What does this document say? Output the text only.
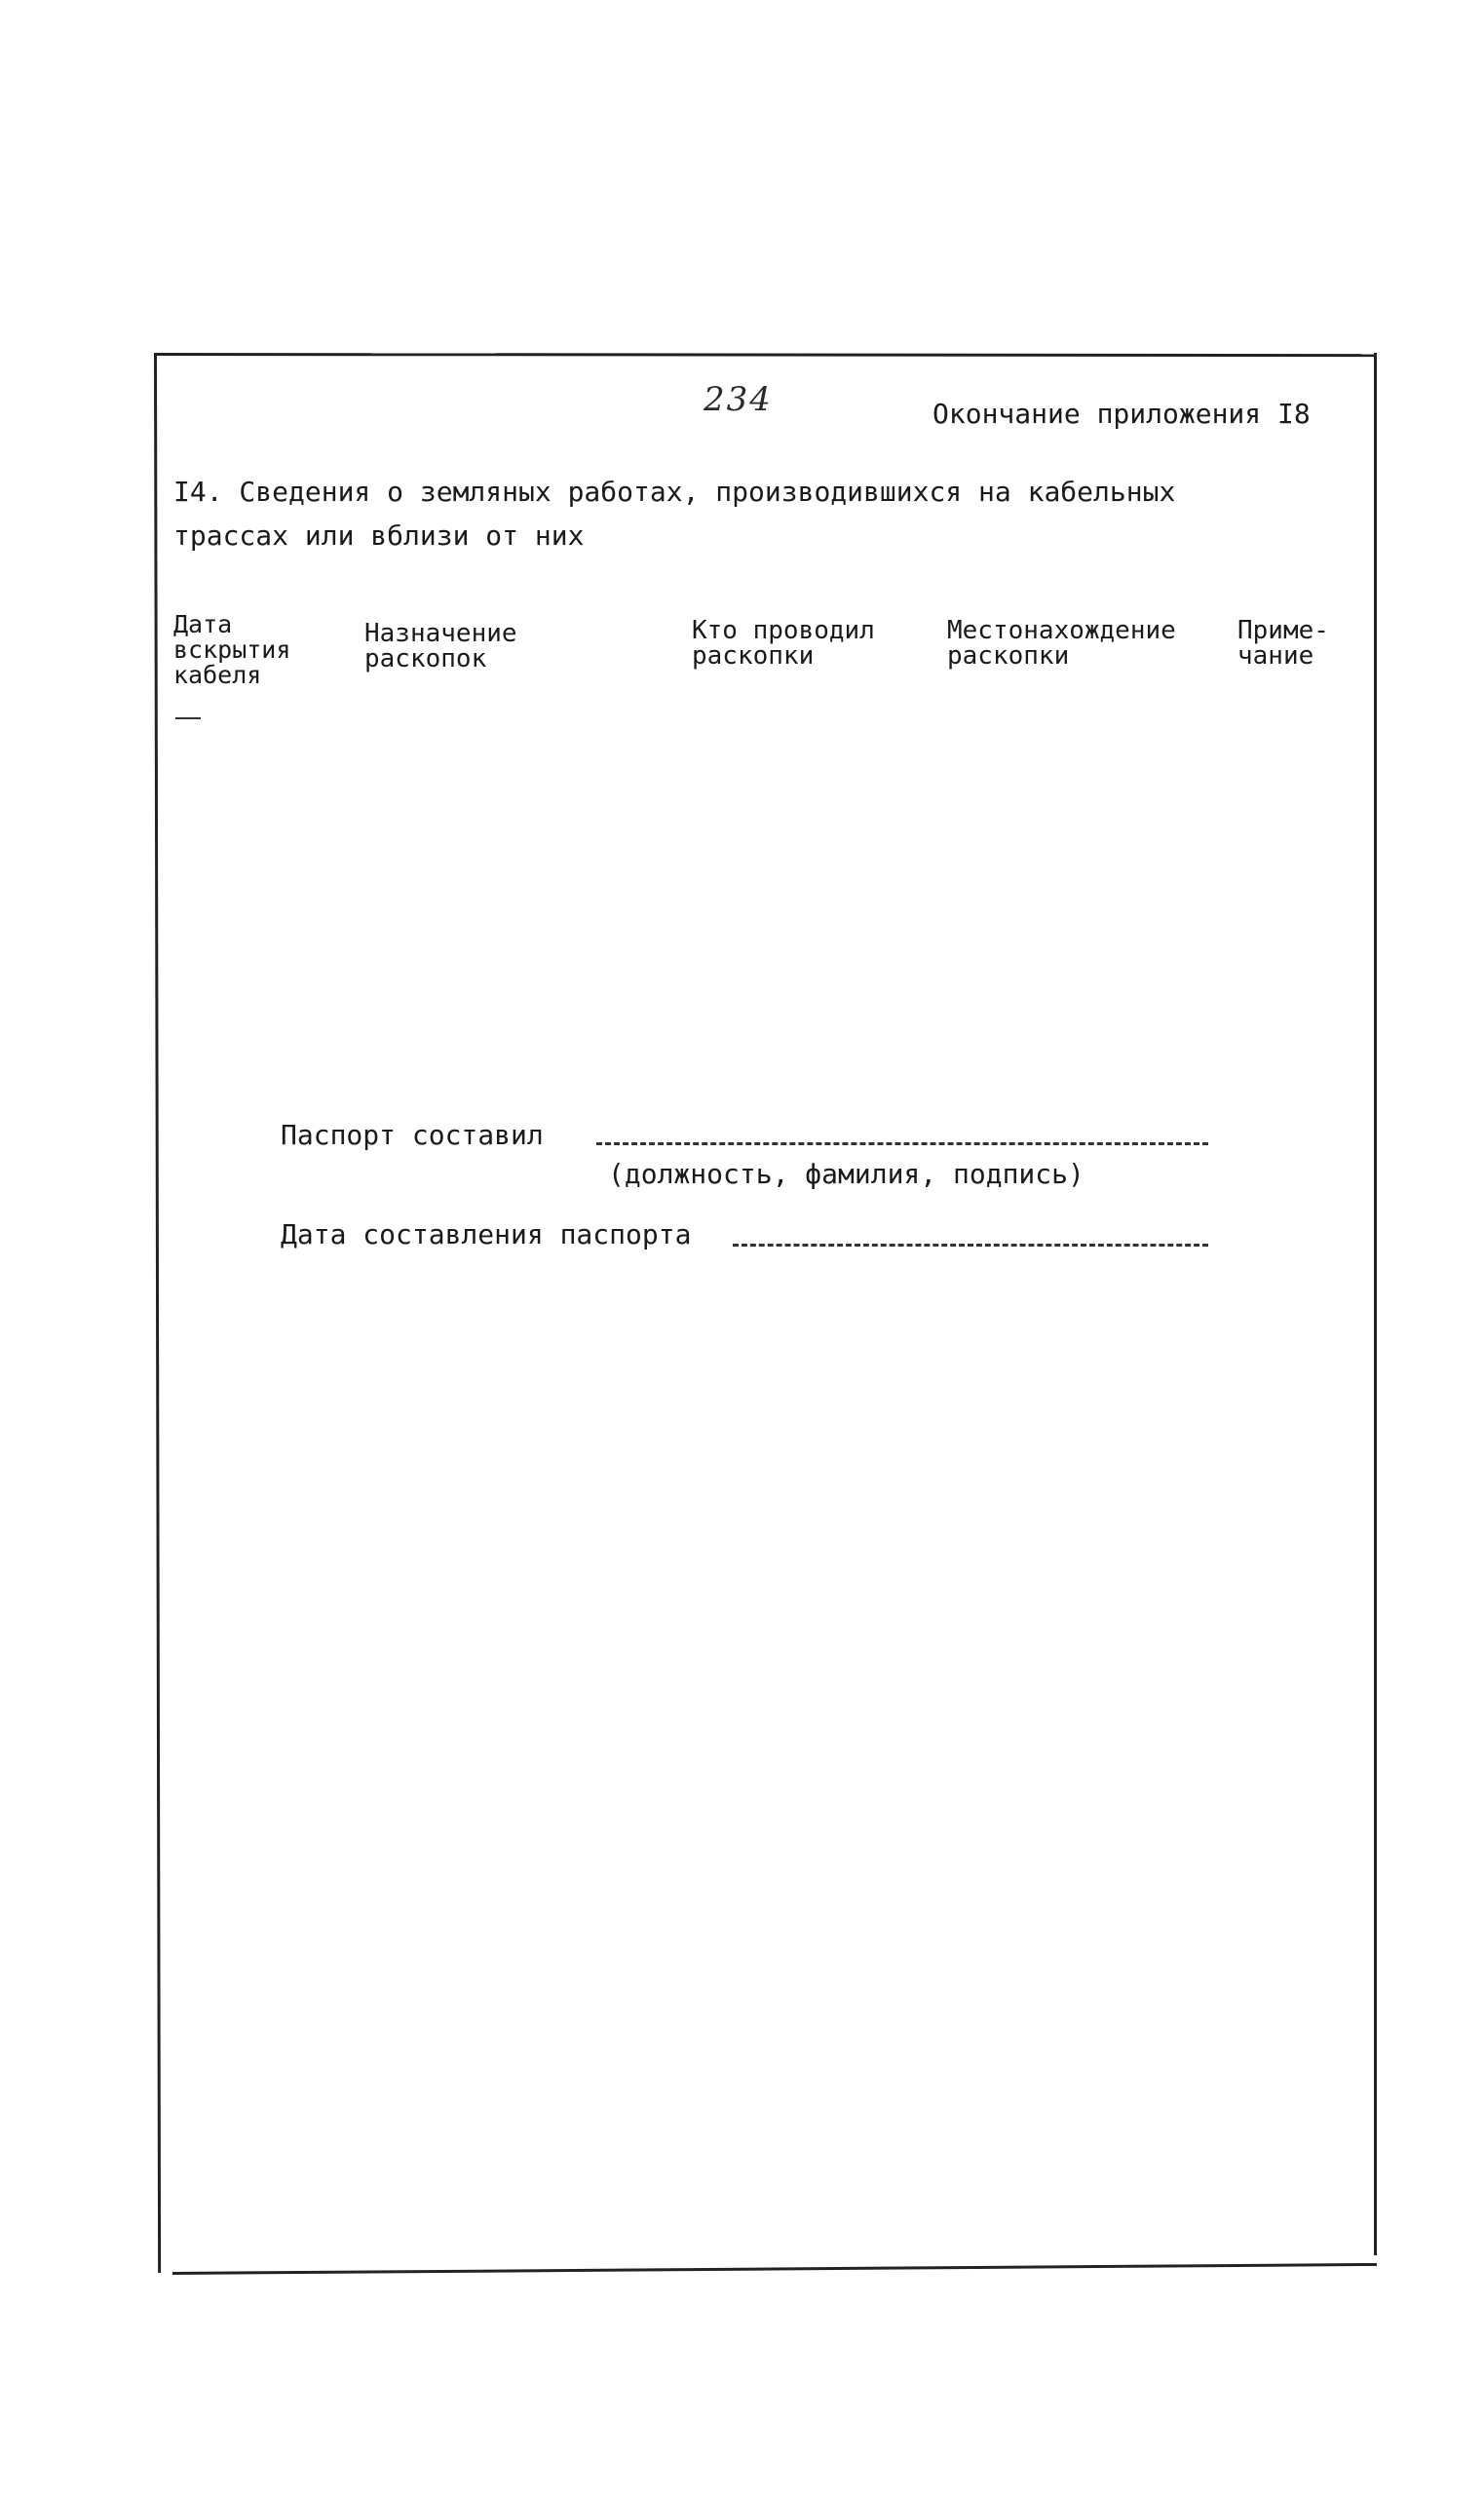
234	Окончание приложения I8
I4. Сведения о земляных работах, производившихся на кабельных трассах или вблизи от них
Дата
вскрытия
кабеля
Назначение
раскопок
Кто проводил
раскопки
Местонахождение
раскопки
Приме-
чание
Паспорт составил
(должность, фамилия, подпись)
Дата составления паспорта
